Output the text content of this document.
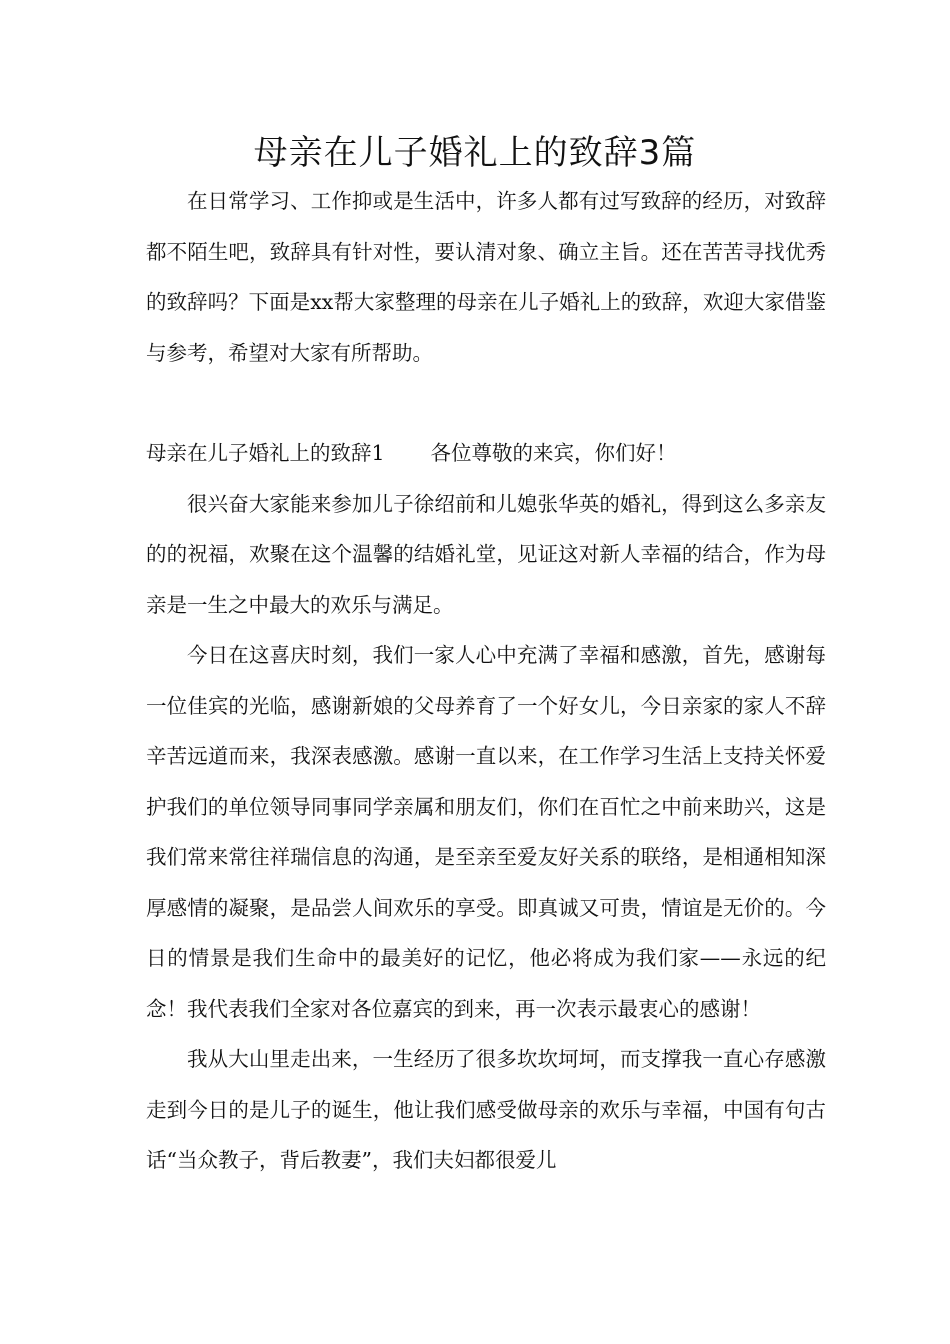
母亲在儿子婚礼上的致辞3篇

在日常学习、工作抑或是生活中，许多人都有过写致辞的经历，对致辞都不陌生吧，致辞具有针对性，要认清对象、确立主旨。还在苦苦寻找优秀的致辞吗？下面是xx帮大家整理的母亲在儿子婚礼上的致辞，欢迎大家借鉴与参考，希望对大家有所帮助。

母亲在儿子婚礼上的致辞1 各位尊敬的来宾，你们好！

很兴奋大家能来参加儿子徐绍前和儿媳张华英的婚礼，得到这么多亲友的的祝福，欢聚在这个温馨的结婚礼堂，见证这对新人幸福的结合，作为母亲是一生之中最大的欢乐与满足。

今日在这喜庆时刻，我们一家人心中充满了幸福和感激，首先，感谢每一位佳宾的光临，感谢新娘的父母养育了一个好女儿，今日亲家的家人不辞辛苦远道而来，我深表感激。感谢一直以来，在工作学习生活上支持关怀爱护我们的单位领导同事同学亲属和朋友们，你们在百忙之中前来助兴，这是我们常来常往祥瑞信息的沟通，是至亲至爱友好关系的联络，是相通相知深厚感情的凝聚，是品尝人间欢乐的享受。即真诚又可贵，情谊是无价的。今日的情景是我们生命中的最美好的记忆，他必将成为我们家——永远的纪念！我代表我们全家对各位嘉宾的到来，再一次表示最衷心的感谢！

我从大山里走出来，一生经历了很多坎坎坷坷，而支撑我一直心存感激走到今日的是儿子的诞生，他让我们感受做母亲的欢乐与幸福，中国有句古话“当众教子，背后教妻”，我们夫妇都很爱儿
